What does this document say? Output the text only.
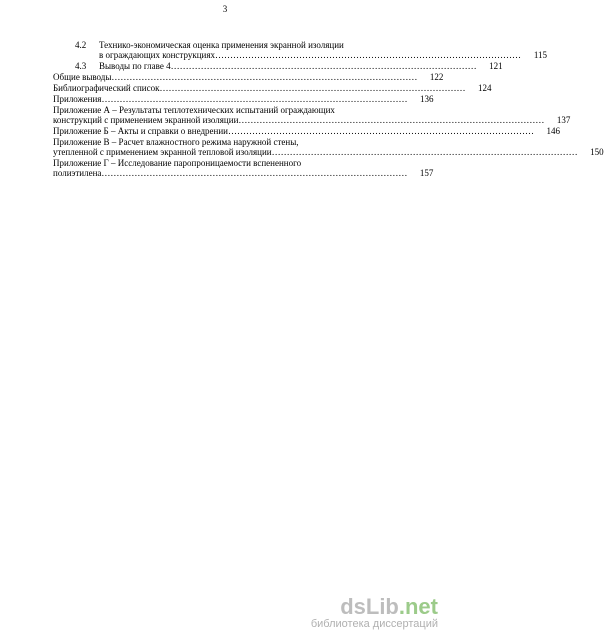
3
4.2	Технико-экономическая оценка применения экранной изоляции
в ограждающих конструкциях …………………………………………………………………………………………	115
4.3	Выводы по главе 4 …………………………………………………………………………………………	121
Общие выводы …………………………………………………………………………………………	122
Библиографический список …………………………………………………………………………………………	124
Приложения …………………………………………………………………………………………	136
Приложение А – Результаты теплотехнических испытаний ограждающих
конструкций с применением экранной изоляции …………………………………………………………………………………………	137
Приложение Б – Акты и справки о внедрении …………………………………………………………………………………………	146
Приложение В – Расчет влажностного режима наружной стены,
утепленной с применением экранной тепловой изоляции …………………………………………………………………………………………	150
Приложение Г – Исследование паропроницаемости вспененного
полиэтилена …………………………………………………………………………………………	157
dsLib.net
библиотека диссертаций
